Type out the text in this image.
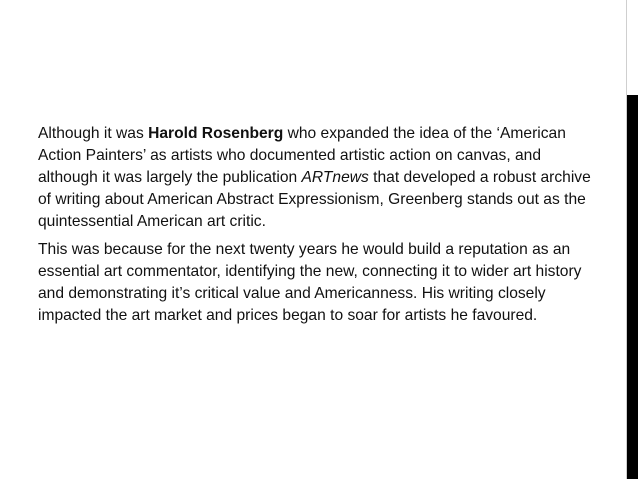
Although it was Harold Rosenberg who expanded the idea of the ‘American Action Painters’ as artists who documented artistic action on canvas, and although it was largely the publication ARTnews that developed a robust archive of writing about American Abstract Expressionism, Greenberg stands out as the quintessential American art critic.

This was because for the next twenty years he would build a reputation as an essential art commentator, identifying the new, connecting it to wider art history and demonstrating it’s critical value and Americanness. His writing closely impacted the art market and prices began to soar for artists he favoured.
